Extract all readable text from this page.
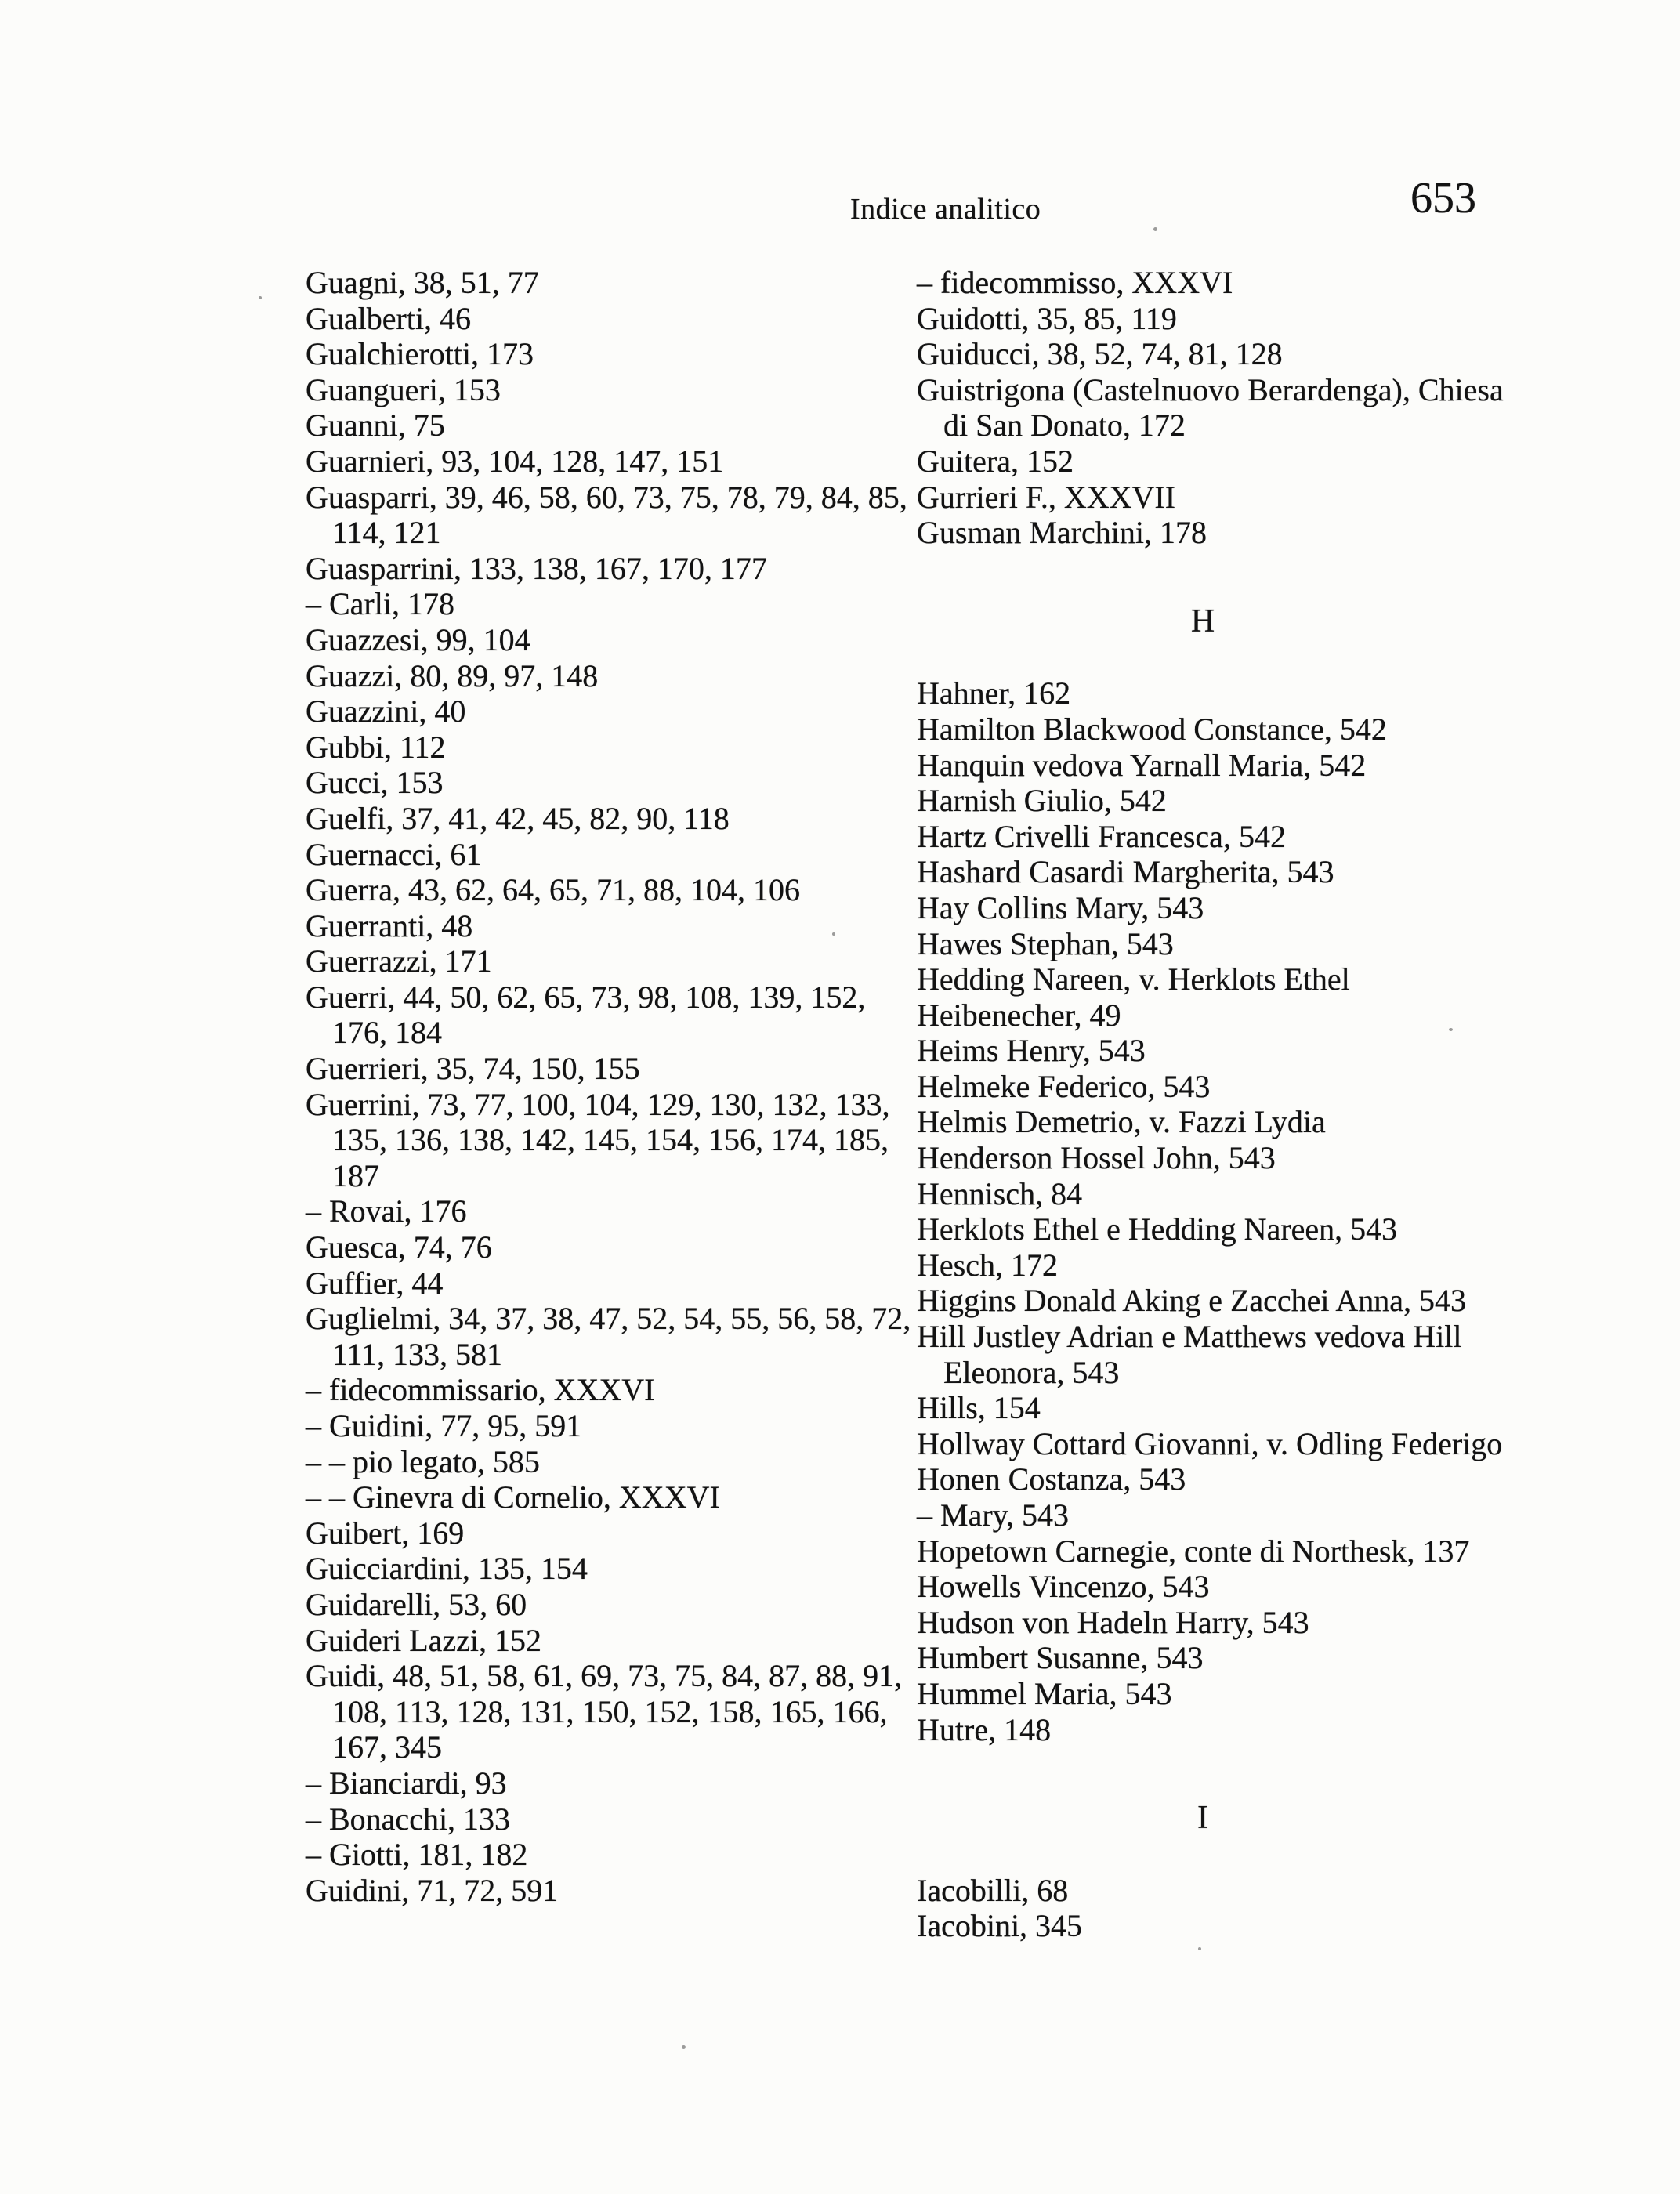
Indice analitico	653
Guagni, 38, 51, 77
Gualberti, 46
Gualchierotti, 173
Guangueri, 153
Guanni, 75
Guarnieri, 93, 104, 128, 147, 151
Guasparri, 39, 46, 58, 60, 73, 75, 78, 79, 84, 85,
114, 121
Guasparrini, 133, 138, 167, 170, 177
– Carli, 178
Guazzesi, 99, 104
Guazzi, 80, 89, 97, 148
Guazzini, 40
Gubbi, 112
Gucci, 153
Guelfi, 37, 41, 42, 45, 82, 90, 118
Guernacci, 61
Guerra, 43, 62, 64, 65, 71, 88, 104, 106
Guerranti, 48
Guerrazzi, 171
Guerri, 44, 50, 62, 65, 73, 98, 108, 139, 152,
176, 184
Guerrieri, 35, 74, 150, 155
Guerrini, 73, 77, 100, 104, 129, 130, 132, 133,
135, 136, 138, 142, 145, 154, 156, 174, 185,
187
– Rovai, 176
Guesca, 74, 76
Guffier, 44
Guglielmi, 34, 37, 38, 47, 52, 54, 55, 56, 58, 72,
111, 133, 581
– fidecommissario, XXXVI
– Guidini, 77, 95, 591
– – pio legato, 585
– – Ginevra di Cornelio, XXXVI
Guibert, 169
Guicciardini, 135, 154
Guidarelli, 53, 60
Guideri Lazzi, 152
Guidi, 48, 51, 58, 61, 69, 73, 75, 84, 87, 88, 91,
108, 113, 128, 131, 150, 152, 158, 165, 166,
167, 345
– Bianciardi, 93
– Bonacchi, 133
– Giotti, 181, 182
Guidini, 71, 72, 591
– fidecommisso, XXXVI
Guidotti, 35, 85, 119
Guiducci, 38, 52, 74, 81, 128
Guistrigona (Castelnuovo Berardenga), Chiesa
di San Donato, 172
Guitera, 152
Gurrieri F., XXXVII
Gusman Marchini, 178
H
Hahner, 162
Hamilton Blackwood Constance, 542
Hanquin vedova Yarnall Maria, 542
Harnish Giulio, 542
Hartz Crivelli Francesca, 542
Hashard Casardi Margherita, 543
Hay Collins Mary, 543
Hawes Stephan, 543
Hedding Nareen, v. Herklots Ethel
Heibenecher, 49
Heims Henry, 543
Helmeke Federico, 543
Helmis Demetrio, v. Fazzi Lydia
Henderson Hossel John, 543
Hennisch, 84
Herklots Ethel e Hedding Nareen, 543
Hesch, 172
Higgins Donald Aking e Zacchei Anna, 543
Hill Justley Adrian e Matthews vedova Hill
Eleonora, 543
Hills, 154
Hollway Cottard Giovanni, v. Odling Federigo
Honen Costanza, 543
– Mary, 543
Hopetown Carnegie, conte di Northesk, 137
Howells Vincenzo, 543
Hudson von Hadeln Harry, 543
Humbert Susanne, 543
Hummel Maria, 543
Hutre, 148
I
Iacobilli, 68
Iacobini, 345
